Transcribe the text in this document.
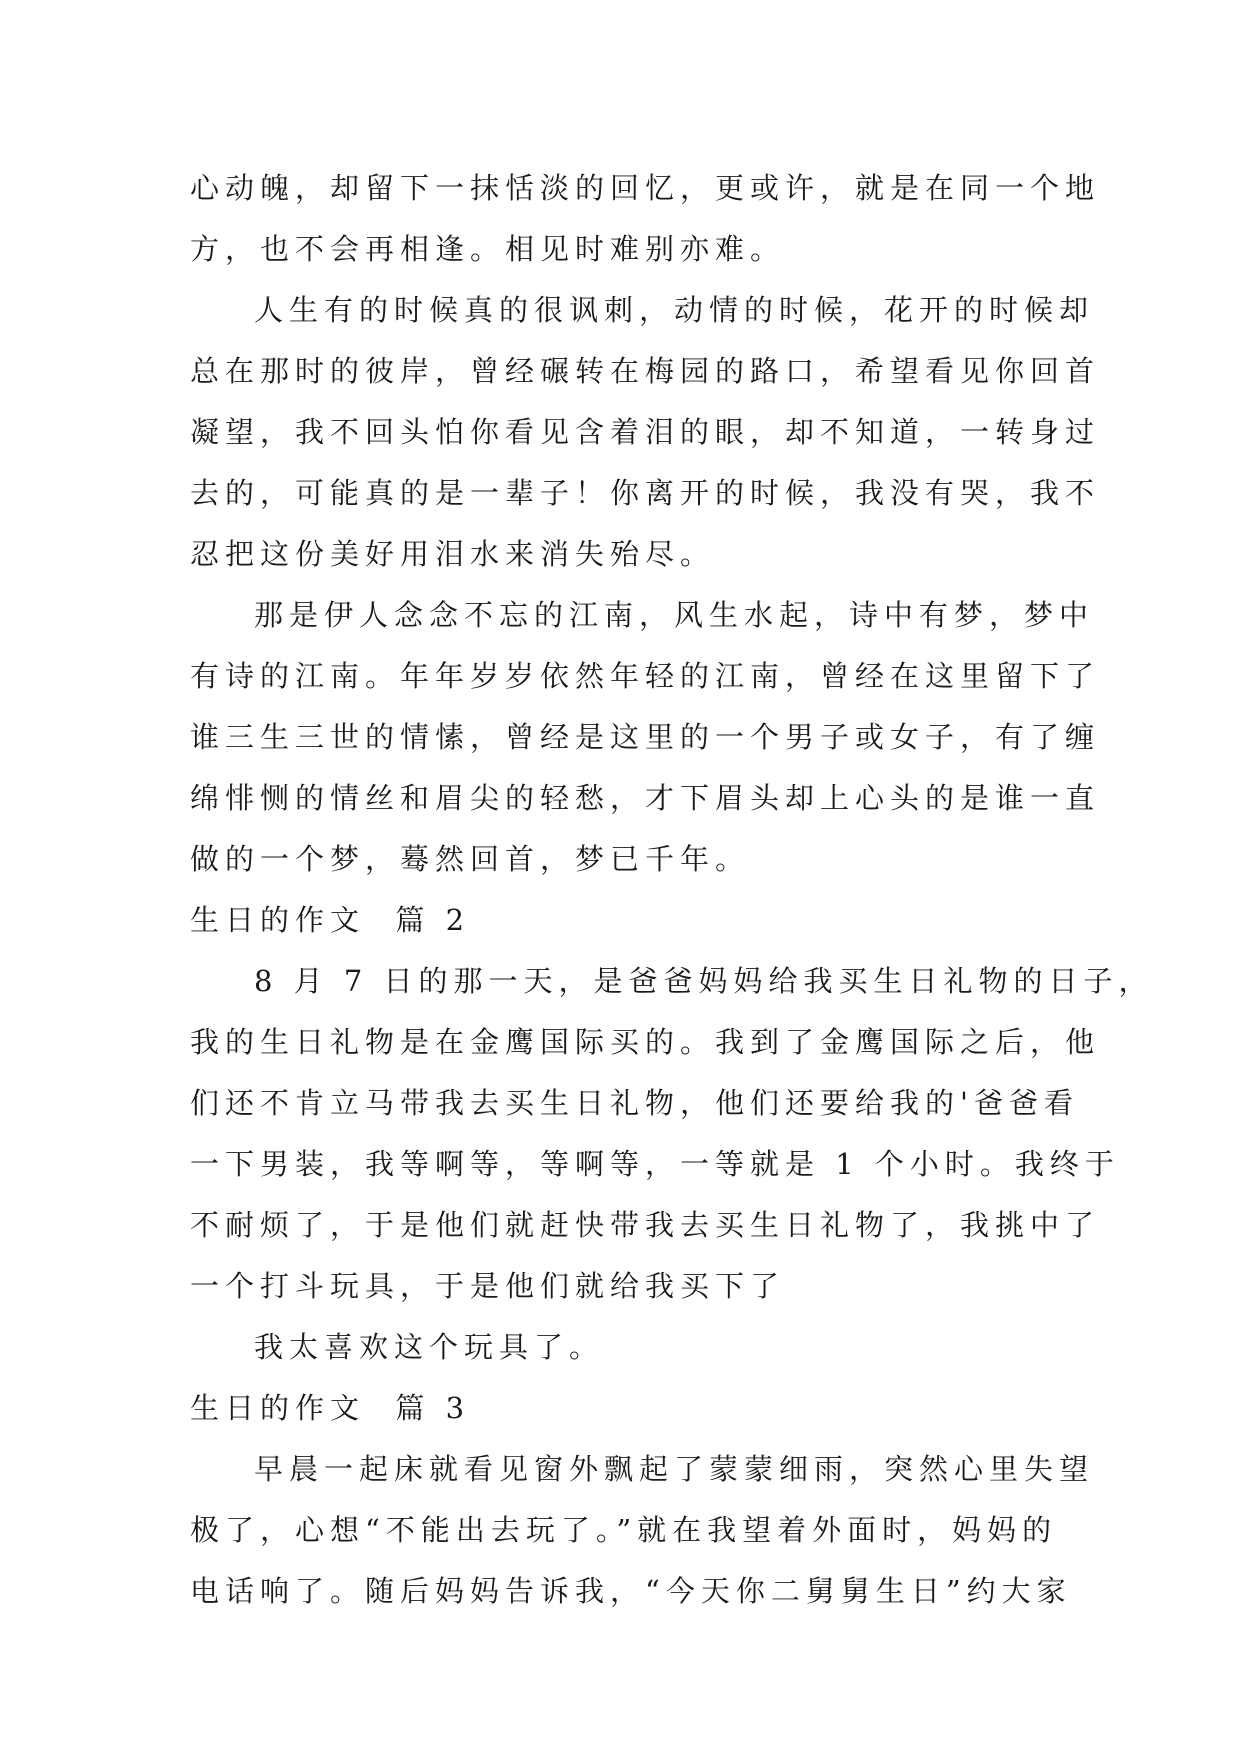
心动魄，却留下一抹恬淡的回忆，更或许，就是在同一个地
方，也不会再相逢。相见时难别亦难。

人生有的时候真的很讽刺，动情的时候，花开的时候却
总在那时的彼岸，曾经碾转在梅园的路口，希望看见你回首
凝望，我不回头怕你看见含着泪的眼，却不知道，一转身过
去的，可能真的是一辈子！你离开的时候，我没有哭，我不
忍把这份美好用泪水来消失殆尽。

那是伊人念念不忘的江南，风生水起，诗中有梦，梦中
有诗的江南。年年岁岁依然年轻的江南，曾经在这里留下了
谁三生三世的情愫，曾经是这里的一个男子或女子，有了缠
绵悱恻的情丝和眉尖的轻愁，才下眉头却上心头的是谁一直
做的一个梦，蓦然回首，梦已千年。

生日的作文  篇 2

8 月 7 日的那一天，是爸爸妈妈给我买生日礼物的日子，
我的生日礼物是在金鹰国际买的。我到了金鹰国际之后，他
们还不肯立马带我去买生日礼物，他们还要给我的'爸爸看
一下男装，我等啊等，等啊等，一等就是 1 个小时。我终于
不耐烦了，于是他们就赶快带我去买生日礼物了，我挑中了
一个打斗玩具，于是他们就给我买下了

我太喜欢这个玩具了。

生日的作文  篇 3

早晨一起床就看见窗外飘起了蒙蒙细雨，突然心里失望
极了，心想“不能出去玩了。”就在我望着外面时，妈妈的
电话响了。随后妈妈告诉我，“今天你二舅舅生日”约大家
